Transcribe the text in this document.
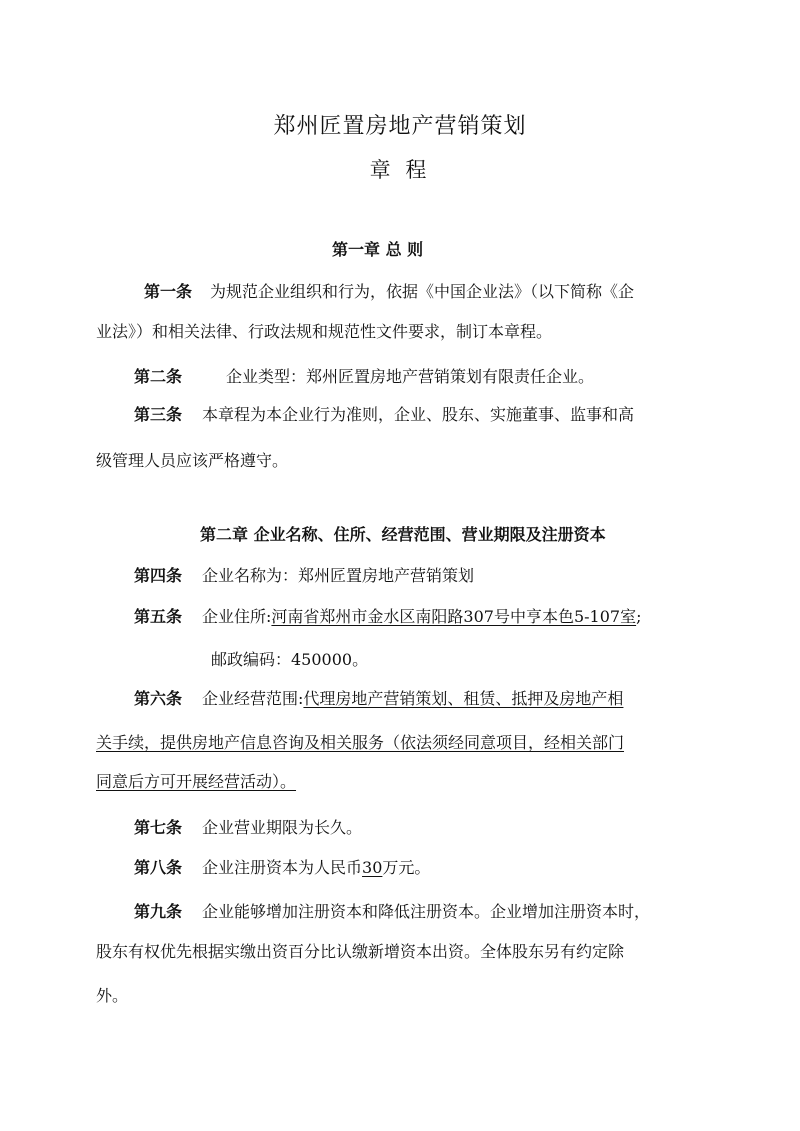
郑州匠置房地产营销策划
章 程
第一章 总 则
第一条 为规范企业组织和行为，依据《中国企业法》（以下简称《企
业法》）和相关法律、行政法规和规范性文件要求，制订本章程。
第二条	企业类型：郑州匠置房地产营销策划有限责任企业。
第三条 本章程为本企业行为准则，企业、股东、实施董事、监事和高
级管理人员应该严格遵守。
第二章 企业名称、住所、经营范围、营业期限及注册资本
第四条 企业名称为：郑州匠置房地产营销策划
第五条 企业住所:河南省郑州市金水区南阳路307号中亨本色5-107室;
邮政编码：450000。
第六条 企业经营范围:代理房地产营销策划、租赁、抵押及房地产相
关手续，提供房地产信息咨询及相关服务（依法须经同意项目，经相关部门
同意后方可开展经营活动）。
第七条 企业营业期限为长久。
第八条 企业注册资本为人民币30万元。
第九条 企业能够增加注册资本和降低注册资本。企业增加注册资本时，
股东有权优先根据实缴出资百分比认缴新增资本出资。全体股东另有约定除
外。
